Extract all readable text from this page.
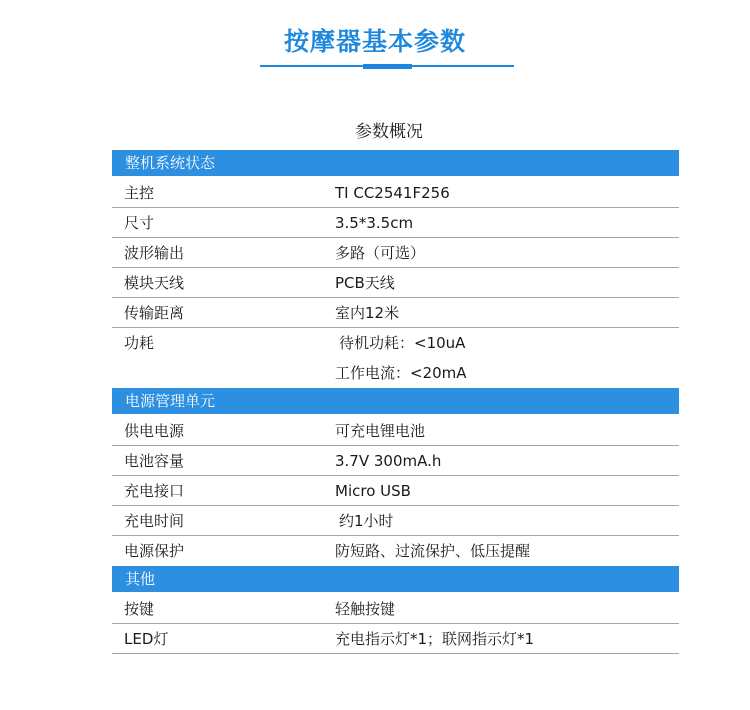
按摩器基本参数
参数概况
整机系统状态
主控	TI CC2541F256
尺寸	3.5*3.5cm
波形输出	多路（可选）
模块天线	PCB天线
传输距离	室内12米
功耗	待机功耗：<10uA
工作电流：<20mA
电源管理单元
供电电源	可充电锂电池
电池容量	3.7V 300mA.h
充电接口	Micro USB
充电时间	约1小时
电源保护	防短路、过流保护、低压提醒
其他
按键	轻触按键
LED灯	充电指示灯*1；联网指示灯*1
